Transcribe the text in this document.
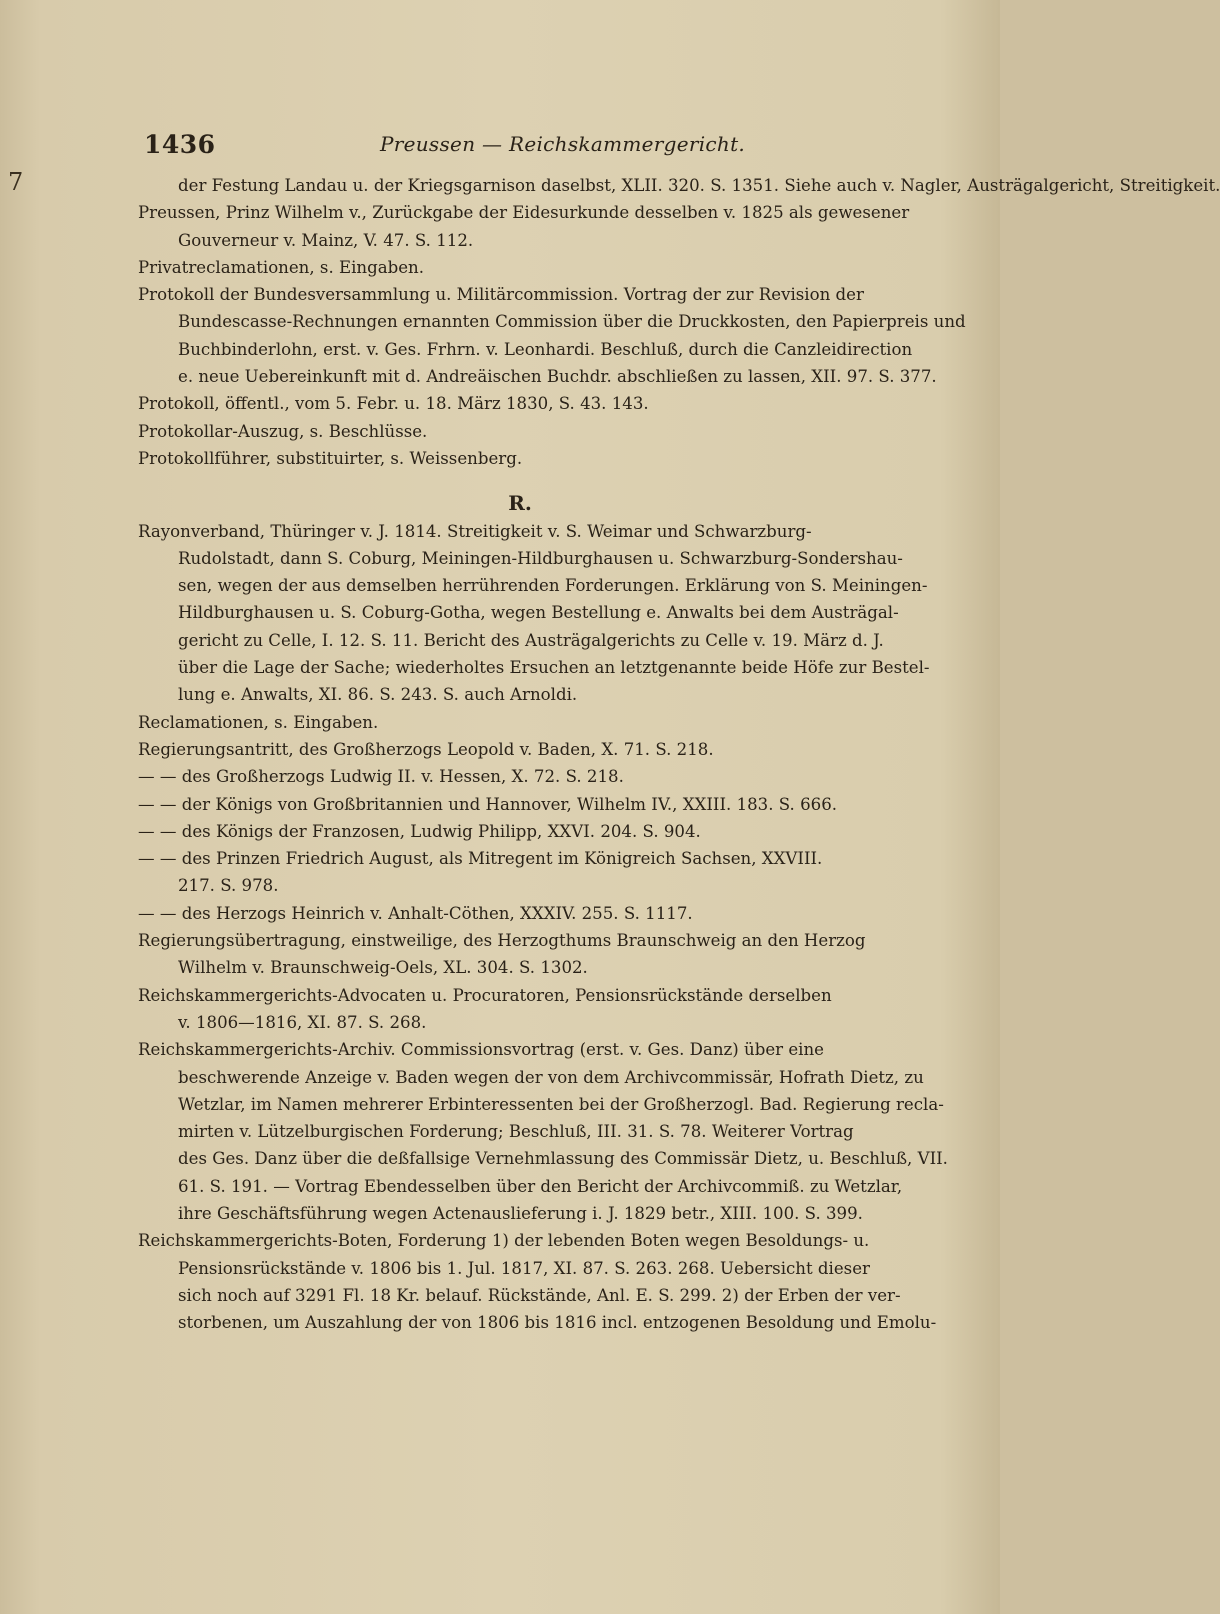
1436	Preussen — Reichskammergericht.
7	der Festung Landau u. der Kriegsgarnison daselbst, XLII. 320. S. 1351. Siehe auch v. Nagler, Austrägalgericht, Streitigkeit.
Preussen, Prinz Wilhelm v., Zurückgabe der Eidesurkunde desselben v. 1825 als gewesener
Gouverneur v. Mainz, V. 47. S. 112.
Privatreclamationen, s. Eingaben.
Protokoll der Bundesversammlung u. Militärcommission. Vortrag der zur Revision der
Bundescasse-Rechnungen ernannten Commission über die Druckkosten, den Papierpreis und
Buchbinderlohn, erst. v. Ges. Frhrn. v. Leonhardi. Beschluß, durch die Canzleidirection
e. neue Uebereinkunft mit d. Andreäischen Buchdr. abschließen zu lassen, XII. 97. S. 377.
Protokoll, öffentl., vom 5. Febr. u. 18. März 1830, S. 43. 143.
Protokollar-Auszug, s. Beschlüsse.
Protokollführer, substituirter, s. Weissenberg.
R.
Rayonverband, Thüringer v. J. 1814. Streitigkeit v. S. Weimar und Schwarzburg-
Rudolstadt, dann S. Coburg, Meiningen-Hildburghausen u. Schwarzburg-Sondershau-
sen, wegen der aus demselben herrührenden Forderungen. Erklärung von S. Meiningen-
Hildburghausen u. S. Coburg-Gotha, wegen Bestellung e. Anwalts bei dem Austrägal-
gericht zu Celle, I. 12. S. 11. Bericht des Austrägalgerichts zu Celle v. 19. März d. J.
über die Lage der Sache; wiederholtes Ersuchen an letztgenannte beide Höfe zur Bestel-
lung e. Anwalts, XI. 86. S. 243. S. auch Arnoldi.
Reclamationen, s. Eingaben.
Regierungsantritt, des Großherzogs Leopold v. Baden, X. 71. S. 218.
— — des Großherzogs Ludwig II. v. Hessen, X. 72. S. 218.
— — der Königs von Großbritannien und Hannover, Wilhelm IV., XXIII. 183. S. 666.
— — des Königs der Franzosen, Ludwig Philipp, XXVI. 204. S. 904.
— — des Prinzen Friedrich August, als Mitregent im Königreich Sachsen, XXVIII.
217. S. 978.
— — des Herzogs Heinrich v. Anhalt-Cöthen, XXXIV. 255. S. 1117.
Regierungsübertragung, einstweilige, des Herzogthums Braunschweig an den Herzog
Wilhelm v. Braunschweig-Oels, XL. 304. S. 1302.
Reichskammergerichts-Advocaten u. Procuratoren, Pensionsrückstände derselben
v. 1806—1816, XI. 87. S. 268.
Reichskammergerichts-Archiv. Commissionsvortrag (erst. v. Ges. Danz) über eine
beschwerende Anzeige v. Baden wegen der von dem Archivcommissär, Hofrath Dietz, zu
Wetzlar, im Namen mehrerer Erbinteressenten bei der Großherzogl. Bad. Regierung recla-
mirten v. Lützelburgischen Forderung; Beschluß, III. 31. S. 78. Weiterer Vortrag
des Ges. Danz über die deßfallsige Vernehmlassung des Commissär Dietz, u. Beschluß, VII.
61. S. 191. — Vortrag Ebendesselben über den Bericht der Archivcommiß. zu Wetzlar,
ihre Geschäftsführung wegen Actenauslieferung i. J. 1829 betr., XIII. 100. S. 399.
Reichskammergerichts-Boten, Forderung 1) der lebenden Boten wegen Besoldungs- u.
Pensionsrückstände v. 1806 bis 1. Jul. 1817, XI. 87. S. 263. 268. Uebersicht dieser
sich noch auf 3291 Fl. 18 Kr. belauf. Rückstände, Anl. E. S. 299. 2) der Erben der ver-
storbenen, um Auszahlung der von 1806 bis 1816 incl. entzogenen Besoldung und Emolu-
